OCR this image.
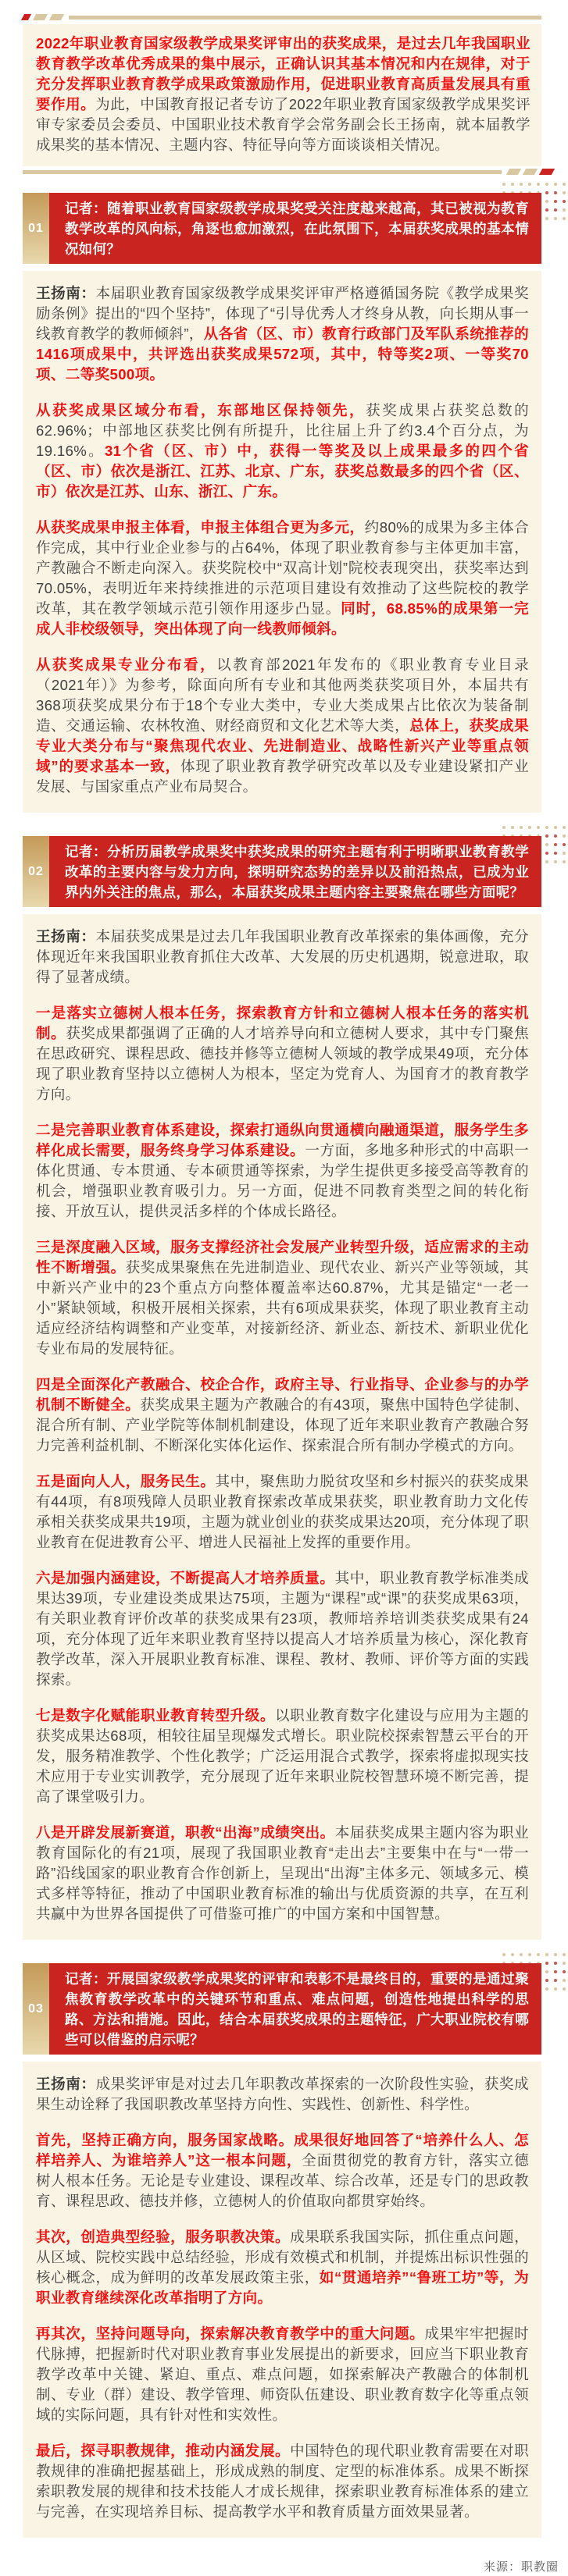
2022年职业教育国家级教学成果奖评审出的获奖成果，是过去几年我国职业教育教学改革优秀成果的集中展示，正确认识其基本情况和内在规律，对于充分发挥职业教育教学成果政策激励作用，促进职业教育高质量发展具有重要作用。为此，中国教育报记者专访了2022年职业教育国家级教学成果奖评审专家委员会委员、中国职业技术教育学会常务副会长王扬南，就本届教学成果奖的基本情况、主题内容、特征导向等方面谈谈相关情况。
01
记者：随着职业教育国家级教学成果奖受关注度越来越高，其已被视为教育教学改革的风向标，角逐也愈加激烈，在此氛围下，本届获奖成果的基本情况如何？

王扬南：本届职业教育国家级教学成果奖评审严格遵循国务院《教学成果奖励条例》提出的“四个坚持”，体现了“引导优秀人才终身从教，向长期从事一线教育教学的教师倾斜”，从各省（区、市）教育行政部门及军队系统推荐的1416项成果中，共评选出获奖成果572项，其中，特等奖2项、一等奖70项、二等奖500项。

从获奖成果区域分布看，东部地区保持领先，获奖成果占获奖总数的62.96%；中部地区获奖比例有所提升，比往届上升了约3.4个百分点，为19.16%。31个省（区、市）中，获得一等奖及以上成果最多的四个省（区、市）依次是浙江、江苏、北京、广东，获奖总数最多的四个省（区、市）依次是江苏、山东、浙江、广东。

从获奖成果申报主体看，申报主体组合更为多元，约80%的成果为多主体合作完成，其中行业企业参与的占64%，体现了职业教育参与主体更加丰富，产教融合不断走向深入。获奖院校中“双高计划”院校表现突出，获奖率达到70.05%，表明近年来持续推进的示范项目建设有效推动了这些院校的教学改革，其在教学领域示范引领作用逐步凸显。同时，68.85%的成果第一完成人非校级领导，突出体现了向一线教师倾斜。

从获奖成果专业分布看，以教育部2021年发布的《职业教育专业目录（2021年）》为参考，除面向所有专业和其他两类获奖项目外，本届共有368项获奖成果分布于18个专业大类中，专业大类成果占比依次为装备制造、交通运输、农林牧渔、财经商贸和文化艺术等大类，总体上，获奖成果专业大类分布与“聚焦现代农业、先进制造业、战略性新兴产业等重点领域”的要求基本一致，体现了职业教育教学研究改革以及专业建设紧扣产业发展、与国家重点产业布局契合。

02
记者：分析历届教学成果奖中获奖成果的研究主题有利于明晰职业教育教学改革的主要内容与发力方向，探明研究态势的差异以及前沿热点，已成为业界内外关注的焦点，那么，本届获奖成果主题内容主要聚焦在哪些方面呢？

王扬南：本届获奖成果是过去几年我国职业教育改革探索的集体画像，充分体现近年来我国职业教育抓住大改革、大发展的历史机遇期，锐意进取，取得了显著成绩。

一是落实立德树人根本任务，探索教育方针和立德树人根本任务的落实机制。获奖成果都强调了正确的人才培养导向和立德树人要求，其中专门聚焦在思政研究、课程思政、德技并修等立德树人领域的教学成果49项，充分体现了职业教育坚持以立德树人为根本，坚定为党育人、为国育才的教育教学方向。

二是完善职业教育体系建设，探索打通纵向贯通横向融通渠道，服务学生多样化成长需要，服务终身学习体系建设。一方面，多地多种形式的中高职一体化贯通、专本贯通、专本硕贯通等探索，为学生提供更多接受高等教育的机会，增强职业教育吸引力。另一方面，促进不同教育类型之间的转化衔接、开放互认，提供灵活多样的个体成长路径。

三是深度融入区域，服务支撑经济社会发展产业转型升级，适应需求的主动性不断增强。获奖成果聚焦在先进制造业、现代农业、新兴产业等领域，其中新兴产业中的23个重点方向整体覆盖率达60.87%，尤其是锚定“一老一小”紧缺领域，积极开展相关探索，共有6项成果获奖，体现了职业教育主动适应经济结构调整和产业变革，对接新经济、新业态、新技术、新职业优化专业布局的发展特征。

四是全面深化产教融合、校企合作，政府主导、行业指导、企业参与的办学机制不断健全。获奖成果主题为产教融合的有43项，聚焦中国特色学徒制、混合所有制、产业学院等体制机制建设，体现了近年来职业教育产教融合努力完善利益机制、不断深化实体化运作、探索混合所有制办学模式的方向。

五是面向人人，服务民生。其中，聚焦助力脱贫攻坚和乡村振兴的获奖成果有44项，有8项残障人员职业教育探索改革成果获奖，职业教育助力文化传承相关获奖成果共19项，主题为就业创业的获奖成果达20项，充分体现了职业教育在促进教育公平、增进人民福祉上发挥的重要作用。

六是加强内涵建设，不断提高人才培养质量。其中，职业教育教学标准类成果达39项，专业建设类成果达75项，主题为“课程”或“课”的获奖成果63项，有关职业教育评价改革的获奖成果有23项，教师培养培训类获奖成果有24项，充分体现了近年来职业教育坚持以提高人才培养质量为核心，深化教育教学改革，深入开展职业教育标准、课程、教材、教师、评价等方面的实践探索。

七是数字化赋能职业教育转型升级。以职业教育数字化建设与应用为主题的获奖成果达68项，相较往届呈现爆发式增长。职业院校探索智慧云平台的开发，服务精准教学、个性化教学；广泛运用混合式教学，探索将虚拟现实技术应用于专业实训教学，充分展现了近年来职业院校智慧环境不断完善，提高了课堂吸引力。

八是开辟发展新赛道，职教“出海”成绩突出。本届获奖成果主题内容为职业教育国际化的有21项，展现了我国职业教育“走出去”主要集中在与“一带一路”沿线国家的职业教育合作创新上，呈现出“出海”主体多元、领域多元、模式多样等特征，推动了中国职业教育标准的输出与优质资源的共享，在互利共赢中为世界各国提供了可借鉴可推广的中国方案和中国智慧。

03
记者：开展国家级教学成果奖的评审和表彰不是最终目的，重要的是通过聚焦教育教学改革中的关键环节和重点、难点问题，创造性地提出科学的思路、方法和措施。因此，结合本届获奖成果的主题特征，广大职业院校有哪些可以借鉴的启示呢？

王扬南：成果奖评审是对过去几年职教改革探索的一次阶段性实验，获奖成果生动诠释了我国职教改革坚持方向性、实践性、创新性、科学性。

首先，坚持正确方向，服务国家战略。成果很好地回答了“培养什么人、怎样培养人、为谁培养人”这一根本问题，全面贯彻党的教育方针，落实立德树人根本任务。无论是专业建设、课程改革、综合改革，还是专门的思政教育、课程思政、德技并修，立德树人的价值取向都贯穿始终。

其次，创造典型经验，服务职教决策。成果联系我国实际，抓住重点问题，从区域、院校实践中总结经验，形成有效模式和机制，并提炼出标识性强的核心概念，成为鲜明的改革发展政策主张，如“贯通培养”“鲁班工坊”等，为职业教育继续深化改革指明了方向。

再其次，坚持问题导向，探索解决教育教学中的重大问题。成果牢牢把握时代脉搏，把握新时代对职业教育事业发展提出的新要求，回应当下职业教育教学改革中关键、紧迫、重点、难点问题，如探索解决产教融合的体制机制、专业（群）建设、教学管理、师资队伍建设、职业教育数字化等重点领域的实际问题，具有针对性和实效性。

最后，探寻职教规律，推动内涵发展。中国特色的现代职业教育需要在对职教规律的准确把握基础上，形成成熟的制度、定型的标准体系。成果不断探索职教发展的规律和技术技能人才成长规律，探索职业教育标准体系的建立与完善，在实现培养目标、提高教学水平和教育质量方面效果显著。

来源：职教圈
